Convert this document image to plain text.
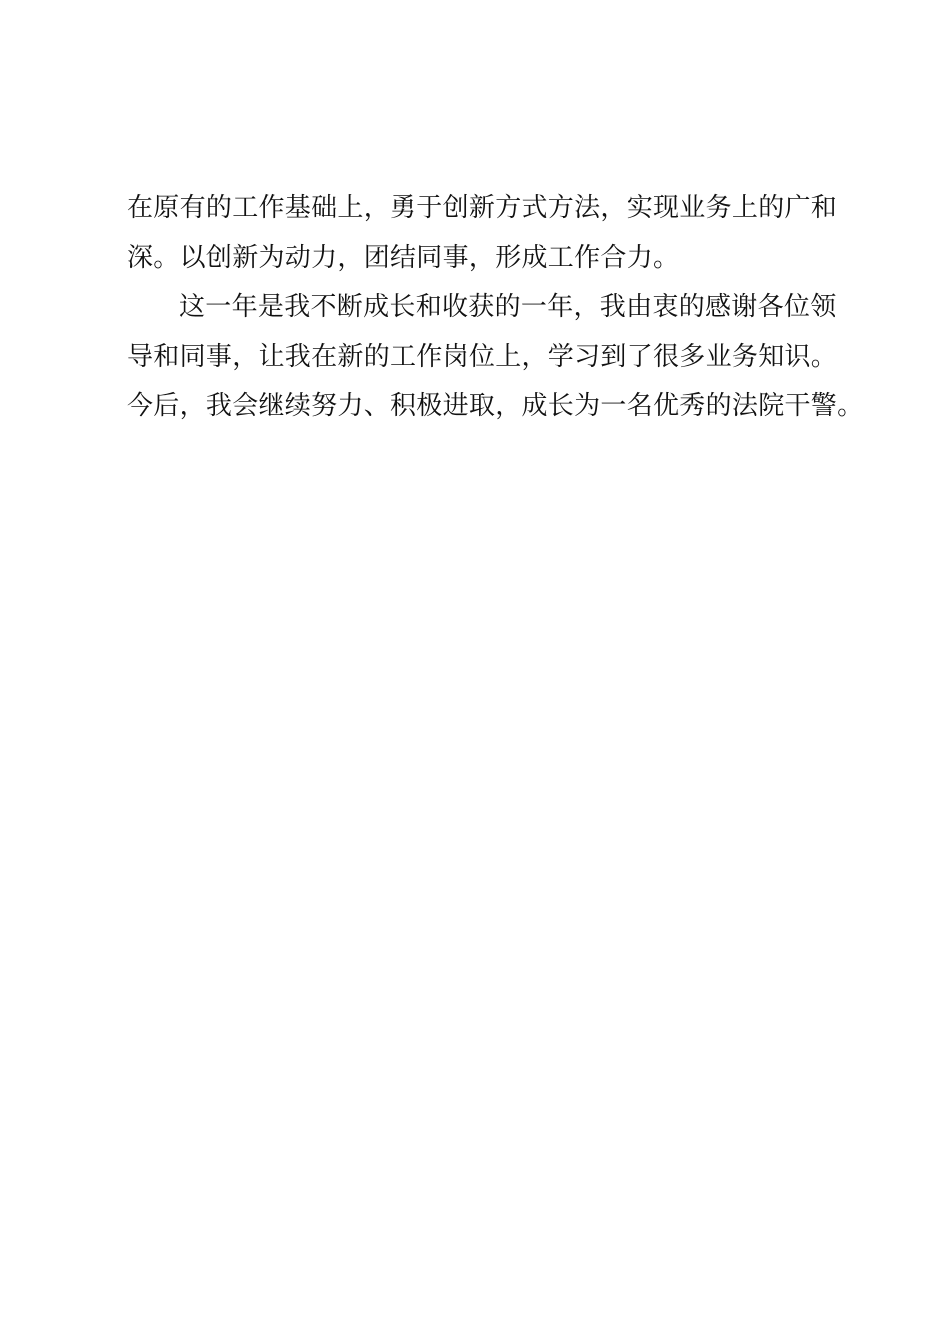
在原有的工作基础上，勇于创新方式方法，实现业务上的广和
深。以创新为动力，团结同事，形成工作合力。
这一年是我不断成长和收获的一年，我由衷的感谢各位领
导和同事，让我在新的工作岗位上，学习到了很多业务知识。
今后，我会继续努力、积极进取，成长为一名优秀的法院干警。
